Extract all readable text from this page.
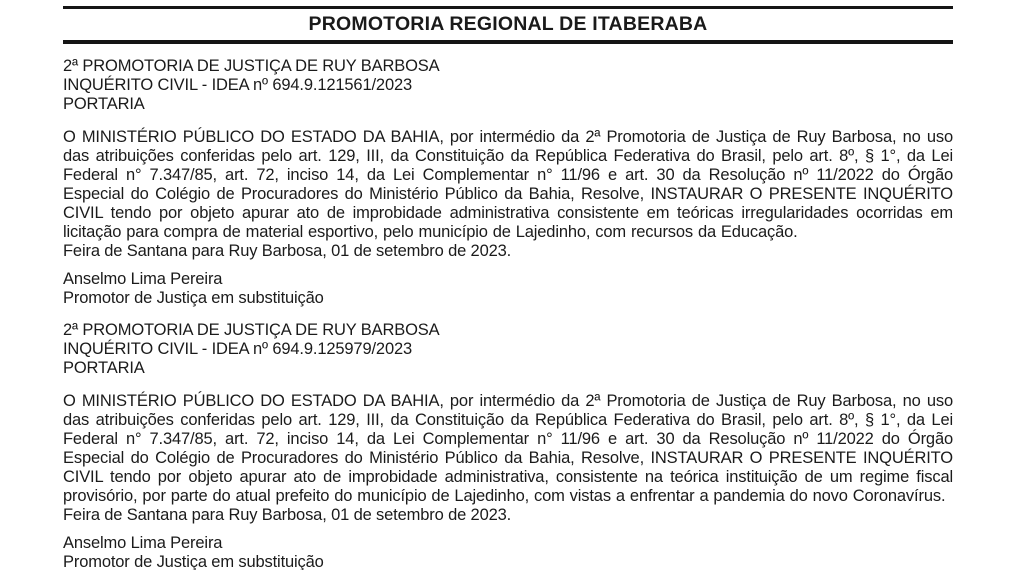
PROMOTORIA REGIONAL DE ITABERABA
2ª PROMOTORIA DE JUSTIÇA DE RUY BARBOSA
INQUÉRITO CIVIL - IDEA nº 694.9.121561/2023
PORTARIA

O MINISTÉRIO PÚBLICO DO ESTADO DA BAHIA, por intermédio da 2ª Promotoria de Justiça de Ruy Barbosa, no uso das atribuições conferidas pelo art. 129, III, da Constituição da República Federativa do Brasil, pelo art. 8º, § 1°, da Lei Federal n° 7.347/85, art. 72, inciso 14, da Lei Complementar n° 11/96 e art. 30 da Resolução nº 11/2022 do Órgão Especial do Colégio de Procuradores do Ministério Público da Bahia, Resolve, INSTAURAR O PRESENTE INQUÉRITO CIVIL tendo por objeto apurar ato de improbidade administrativa consistente em teóricas irregularidades ocorridas em licitação para compra de material esportivo, pelo município de Lajedinho, com recursos da Educação.

Feira de Santana para Ruy Barbosa, 01 de setembro de 2023.
Anselmo Lima Pereira
Promotor de Justiça em substituição
2ª PROMOTORIA DE JUSTIÇA DE RUY BARBOSA
INQUÉRITO CIVIL - IDEA nº 694.9.125979/2023
PORTARIA

O MINISTÉRIO PÚBLICO DO ESTADO DA BAHIA, por intermédio da 2ª Promotoria de Justiça de Ruy Barbosa, no uso das atribuições conferidas pelo art. 129, III, da Constituição da República Federativa do Brasil, pelo art. 8º, § 1°, da Lei Federal n° 7.347/85, art. 72, inciso 14, da Lei Complementar n° 11/96 e art. 30 da Resolução nº 11/2022 do Órgão Especial do Colégio de Procuradores do Ministério Público da Bahia, Resolve, INSTAURAR O PRESENTE INQUÉRITO CIVIL tendo por objeto apurar ato de improbidade administrativa, consistente na teórica instituição de um regime fiscal provisório, por parte do atual prefeito do município de Lajedinho, com vistas a enfrentar a pandemia do novo Coronavírus.

Feira de Santana para Ruy Barbosa, 01 de setembro de 2023.
Anselmo Lima Pereira
Promotor de Justiça em substituição
